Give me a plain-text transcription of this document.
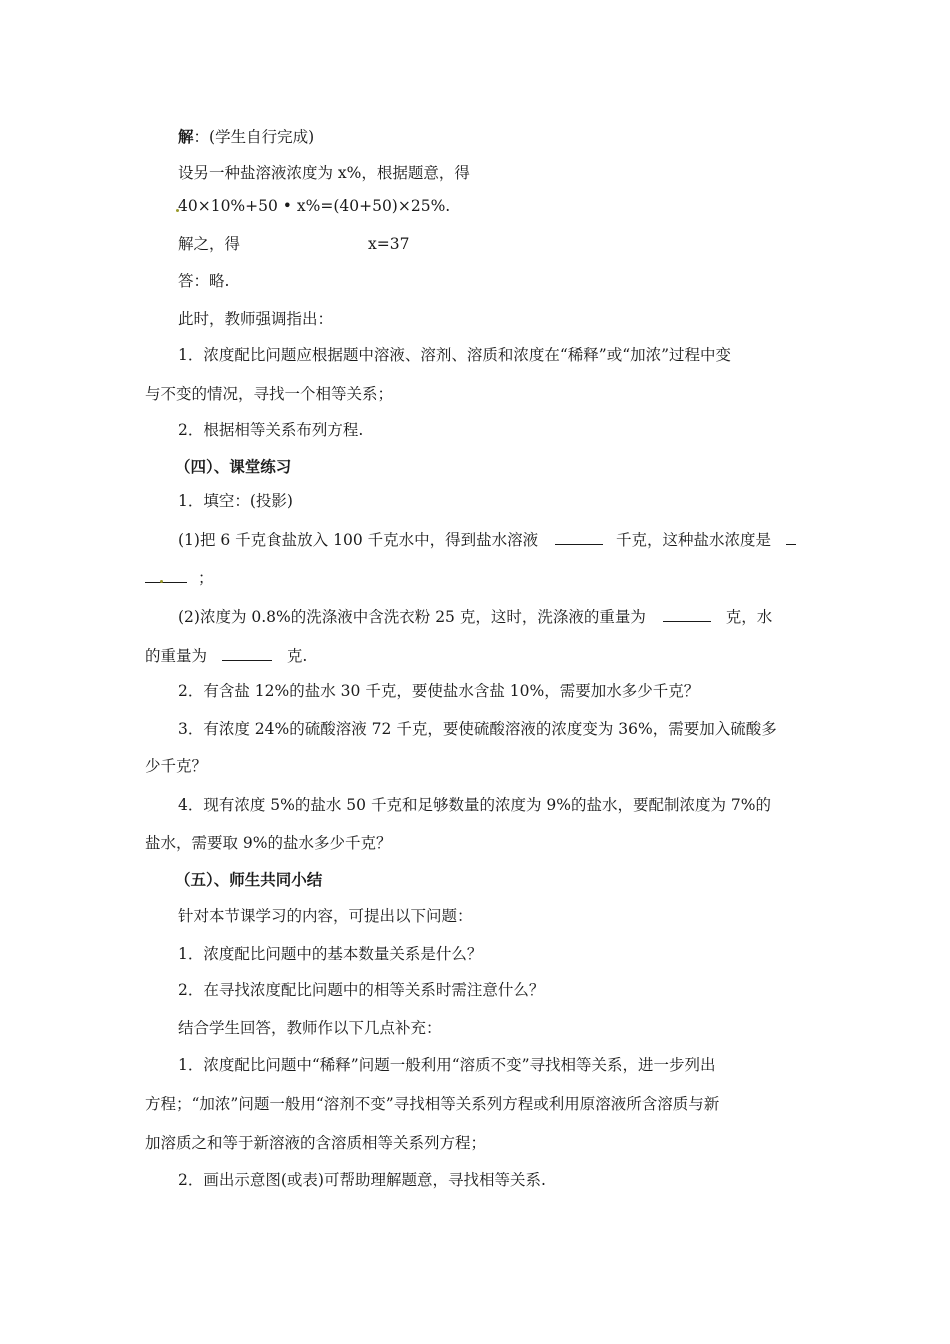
解：(学生自行完成)
设另一种盐溶液浓度为 x%，根据题意，得
40×10%+50 • x%=(40+50)×25%.
解之，得	x=37
答：略.
此时，教师强调指出：
1．浓度配比问题应根据题中溶液、溶剂、溶质和浓度在“稀释”或“加浓”过程中变
与不变的情况，寻找一个相等关系；
2．根据相等关系布列方程.
（四）、课堂练习
1．填空：(投影)
(1)把 6 千克食盐放入 100 千克水中，得到盐水溶液	千克，这种盐水浓度是
；
(2)浓度为 0.8%的洗涤液中含洗衣粉 25 克，这时，洗涤液的重量为	克，水
的重量为	克.
2．有含盐 12%的盐水 30 千克，要使盐水含盐 10%，需要加水多少千克？
3．有浓度 24%的硫酸溶液 72 千克，要使硫酸溶液的浓度变为 36%，需要加入硫酸多
少千克？
4．现有浓度 5%的盐水 50 千克和足够数量的浓度为 9%的盐水，要配制浓度为 7%的
盐水，需要取 9%的盐水多少千克？
（五）、师生共同小结
针对本节课学习的内容，可提出以下问题：
1．浓度配比问题中的基本数量关系是什么？
2．在寻找浓度配比问题中的相等关系时需注意什么？
结合学生回答，教师作以下几点补充：
1．浓度配比问题中“稀释”问题一般利用“溶质不变”寻找相等关系，进一步列出
方程；“加浓”问题一般用“溶剂不变”寻找相等关系列方程或利用原溶液所含溶质与新
加溶质之和等于新溶液的含溶质相等关系列方程；
2．画出示意图(或表)可帮助理解题意，寻找相等关系.
